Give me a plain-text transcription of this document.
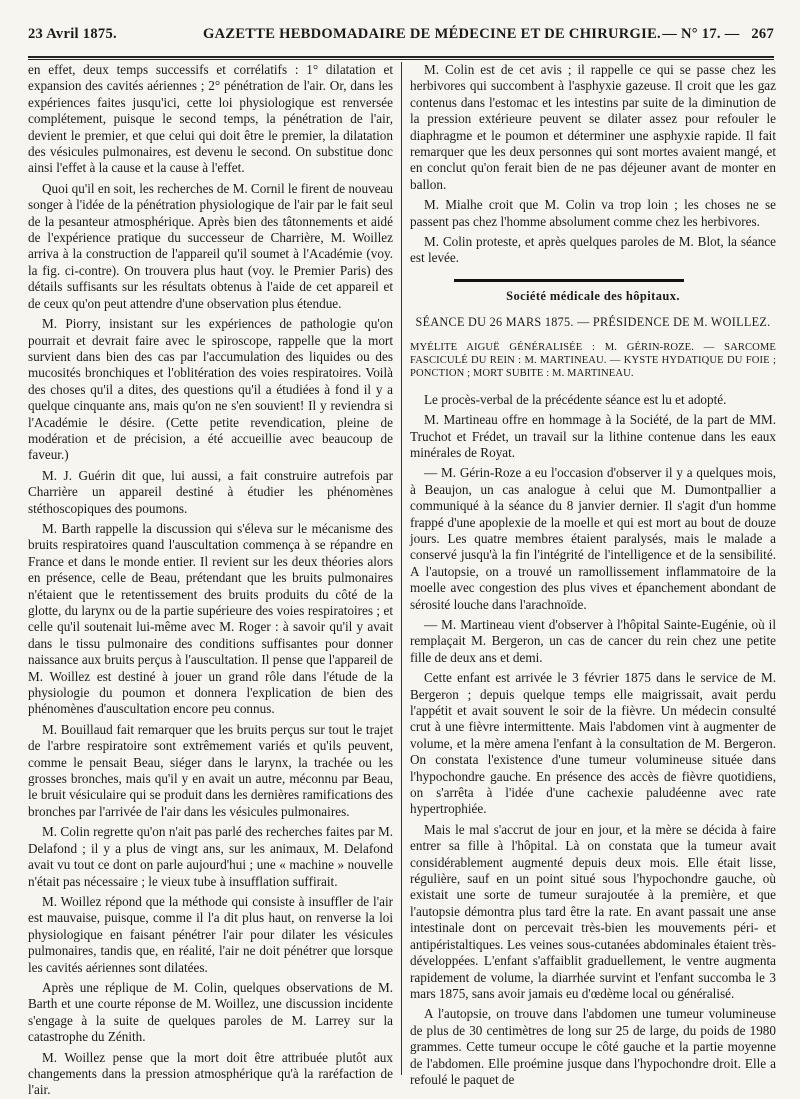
23 Avril 1875.	GAZETTE HEBDOMADAIRE DE MÉDECINE ET DE CHIRURGIE. — N° 17. — 267

en effet, deux temps successifs et corrélatifs : 1° dilatation et expansion des cavités aériennes ; 2° pénétration de l'air. Or, dans les expériences faites jusqu'ici, cette loi physiologique est renversée complétement, puisque le second temps, la pénétration de l'air, devient le premier, et que celui qui doit être le premier, la dilatation des vésicules pulmonaires, est devenu le second. On substitue donc ainsi l'effet à la cause et la cause à l'effet.

Quoi qu'il en soit, les recherches de M. Cornil le firent de nouveau songer à l'idée de la pénétration physiologique de l'air par le fait seul de la pesanteur atmosphérique. Après bien des tâtonnements et aidé de l'expérience pratique du successeur de Charrière, M. Woillez arriva à la construction de l'appareil qu'il soumet à l'Académie (voy. la fig. ci-contre). On trouvera plus haut (voy. le Premier Paris) des détails suffisants sur les résultats obtenus à l'aide de cet appareil et de ceux qu'on peut attendre d'une observation plus étendue.

M. Piorry, insistant sur les expériences de pathologie qu'on pourrait et devrait faire avec le spiroscope, rappelle que la mort survient dans bien des cas par l'accumulation des liquides ou des mucosités bronchiques et l'oblitération des voies respiratoires. Voilà des choses qu'il a dites, des questions qu'il a étudiées à fond il y a quelque cinquante ans, mais qu'on ne s'en souvient! Il y reviendra si l'Académie le désire. (Cette petite revendication, pleine de modération et de précision, a été accueillie avec beaucoup de faveur.)

M. J. Guérin dit que, lui aussi, a fait construire autrefois par Charrière un appareil destiné à étudier les phénomènes stéthoscopiques des poumons.

M. Barth rappelle la discussion qui s'éleva sur le mécanisme des bruits respiratoires quand l'auscultation commença à se répandre en France et dans le monde entier. Il revient sur les deux théories alors en présence, celle de Beau, prétendant que les bruits pulmonaires n'étaient que le retentissement des bruits produits du côté de la glotte, du larynx ou de la partie supérieure des voies respiratoires ; et celle qu'il soutenait lui-même avec M. Roger : à savoir qu'il y avait dans le tissu pulmonaire des conditions suffisantes pour donner naissance aux bruits perçus à l'auscultation. Il pense que l'appareil de M. Woillez est destiné à jouer un grand rôle dans l'étude de la physiologie du poumon et donnera l'explication de bien des phénomènes d'auscultation encore peu connus.

M. Bouillaud fait remarquer que les bruits perçus sur tout le trajet de l'arbre respiratoire sont extrêmement variés et qu'ils peuvent, comme le pensait Beau, siéger dans le larynx, la trachée ou les grosses bronches, mais qu'il y en avait un autre, méconnu par Beau, le bruit vésiculaire qui se produit dans les dernières ramifications des bronches par l'arrivée de l'air dans les vésicules pulmonaires.

M. Colin regrette qu'on n'ait pas parlé des recherches faites par M. Delafond ; il y a plus de vingt ans, sur les animaux, M. Delafond avait vu tout ce dont on parle aujourd'hui ; une « machine » nouvelle n'était pas nécessaire ; le vieux tube à insufflation suffirait.

M. Woillez répond que la méthode qui consiste à insuffler de l'air est mauvaise, puisque, comme il l'a dit plus haut, on renverse la loi physiologique en faisant pénétrer l'air pour dilater les vésicules pulmonaires, tandis que, en réalité, l'air ne doit pénétrer que lorsque les cavités aériennes sont dilatées.

Après une réplique de M. Colin, quelques observations de M. Barth et une courte réponse de M. Woillez, une discussion incidente s'engage à la suite de quelques paroles de M. Larrey sur la catastrophe du Zénith.

M. Woillez pense que la mort doit être attribuée plutôt aux changements dans la pression atmosphérique qu'à la raréfaction de l'air.

M. Colin est de cet avis ; il rappelle ce qui se passe chez les herbivores qui succombent à l'asphyxie gazeuse. Il croit que les gaz contenus dans l'estomac et les intestins par suite de la diminution de la pression extérieure peuvent se dilater assez pour refouler le diaphragme et le poumon et déterminer une asphyxie rapide. Il fait remarquer que les deux personnes qui sont mortes avaient mangé, et en conclut qu'on ferait bien de ne pas déjeuner avant de monter en ballon.

M. Mialhe croit que M. Colin va trop loin ; les choses ne se passent pas chez l'homme absolument comme chez les herbivores.

M. Colin proteste, et après quelques paroles de M. Blot, la séance est levée.

Société médicale des hôpitaux.
SÉANCE DU 26 MARS 1875. — PRÉSIDENCE DE M. WOILLEZ.
MYÉLITE AIGUË GÉNÉRALISÉE : M. GÉRIN-ROZE. — SARCOME FASCICULÉ DU REIN : M. MARTINEAU. — KYSTE HYDATIQUE DU FOIE ; PONCTION ; MORT SUBITE : M. MARTINEAU.

Le procès-verbal de la précédente séance est lu et adopté.

M. Martineau offre en hommage à la Société, de la part de MM. Truchot et Frédet, un travail sur la lithine contenue dans les eaux minérales de Royat.

— M. Gérin-Roze a eu l'occasion d'observer il y a quelques mois, à Beaujon, un cas analogue à celui que M. Dumontpallier a communiqué à la séance du 8 janvier dernier. Il s'agit d'un homme frappé d'une apoplexie de la moelle et qui est mort au bout de douze jours. Les quatre membres étaient paralysés, mais le malade a conservé jusqu'à la fin l'intégrité de l'intelligence et de la sensibilité. A l'autopsie, on a trouvé un ramollissement inflammatoire de la moelle avec congestion des plus vives et épanchement abondant de sérosité louche dans l'arachnoïde.

— M. Martineau vient d'observer à l'hôpital Sainte-Eugénie, où il remplaçait M. Bergeron, un cas de cancer du rein chez une petite fille de deux ans et demi.

Cette enfant est arrivée le 3 février 1875 dans le service de M. Bergeron ; depuis quelque temps elle maigrissait, avait perdu l'appétit et avait souvent le soir de la fièvre. Un médecin consulté crut à une fièvre intermittente. Mais l'abdomen vint à augmenter de volume, et la mère amena l'enfant à la consultation de M. Bergeron. On constata l'existence d'une tumeur volumineuse située dans l'hypochondre gauche. En présence des accès de fièvre quotidiens, on s'arrêta à l'idée d'une cachexie paludéenne avec rate hypertrophiée.

Mais le mal s'accrut de jour en jour, et la mère se décida à faire entrer sa fille à l'hôpital. Là on constata que la tumeur avait considérablement augmenté depuis deux mois. Elle était lisse, régulière, sauf en un point situé sous l'hypochondre gauche, où existait une sorte de tumeur surajoutée à la première, et que l'autopsie démontra plus tard être la rate. En avant passait une anse intestinale dont on percevait très-bien les mouvements péri- et antipéristaltiques. Les veines sous-cutanées abdominales étaient très-développées. L'enfant s'affaiblit graduellement, le ventre augmenta rapidement de volume, la diarrhée survint et l'enfant succomba le 3 mars 1875, sans avoir jamais eu d'œdème local ou généralisé.

A l'autopsie, on trouve dans l'abdomen une tumeur volumineuse de plus de 30 centimètres de long sur 25 de large, du poids de 1980 grammes. Cette tumeur occupe le côté gauche et la partie moyenne de l'abdomen. Elle proémine jusque dans l'hypochondre droit. Elle a refoulé le paquet de
